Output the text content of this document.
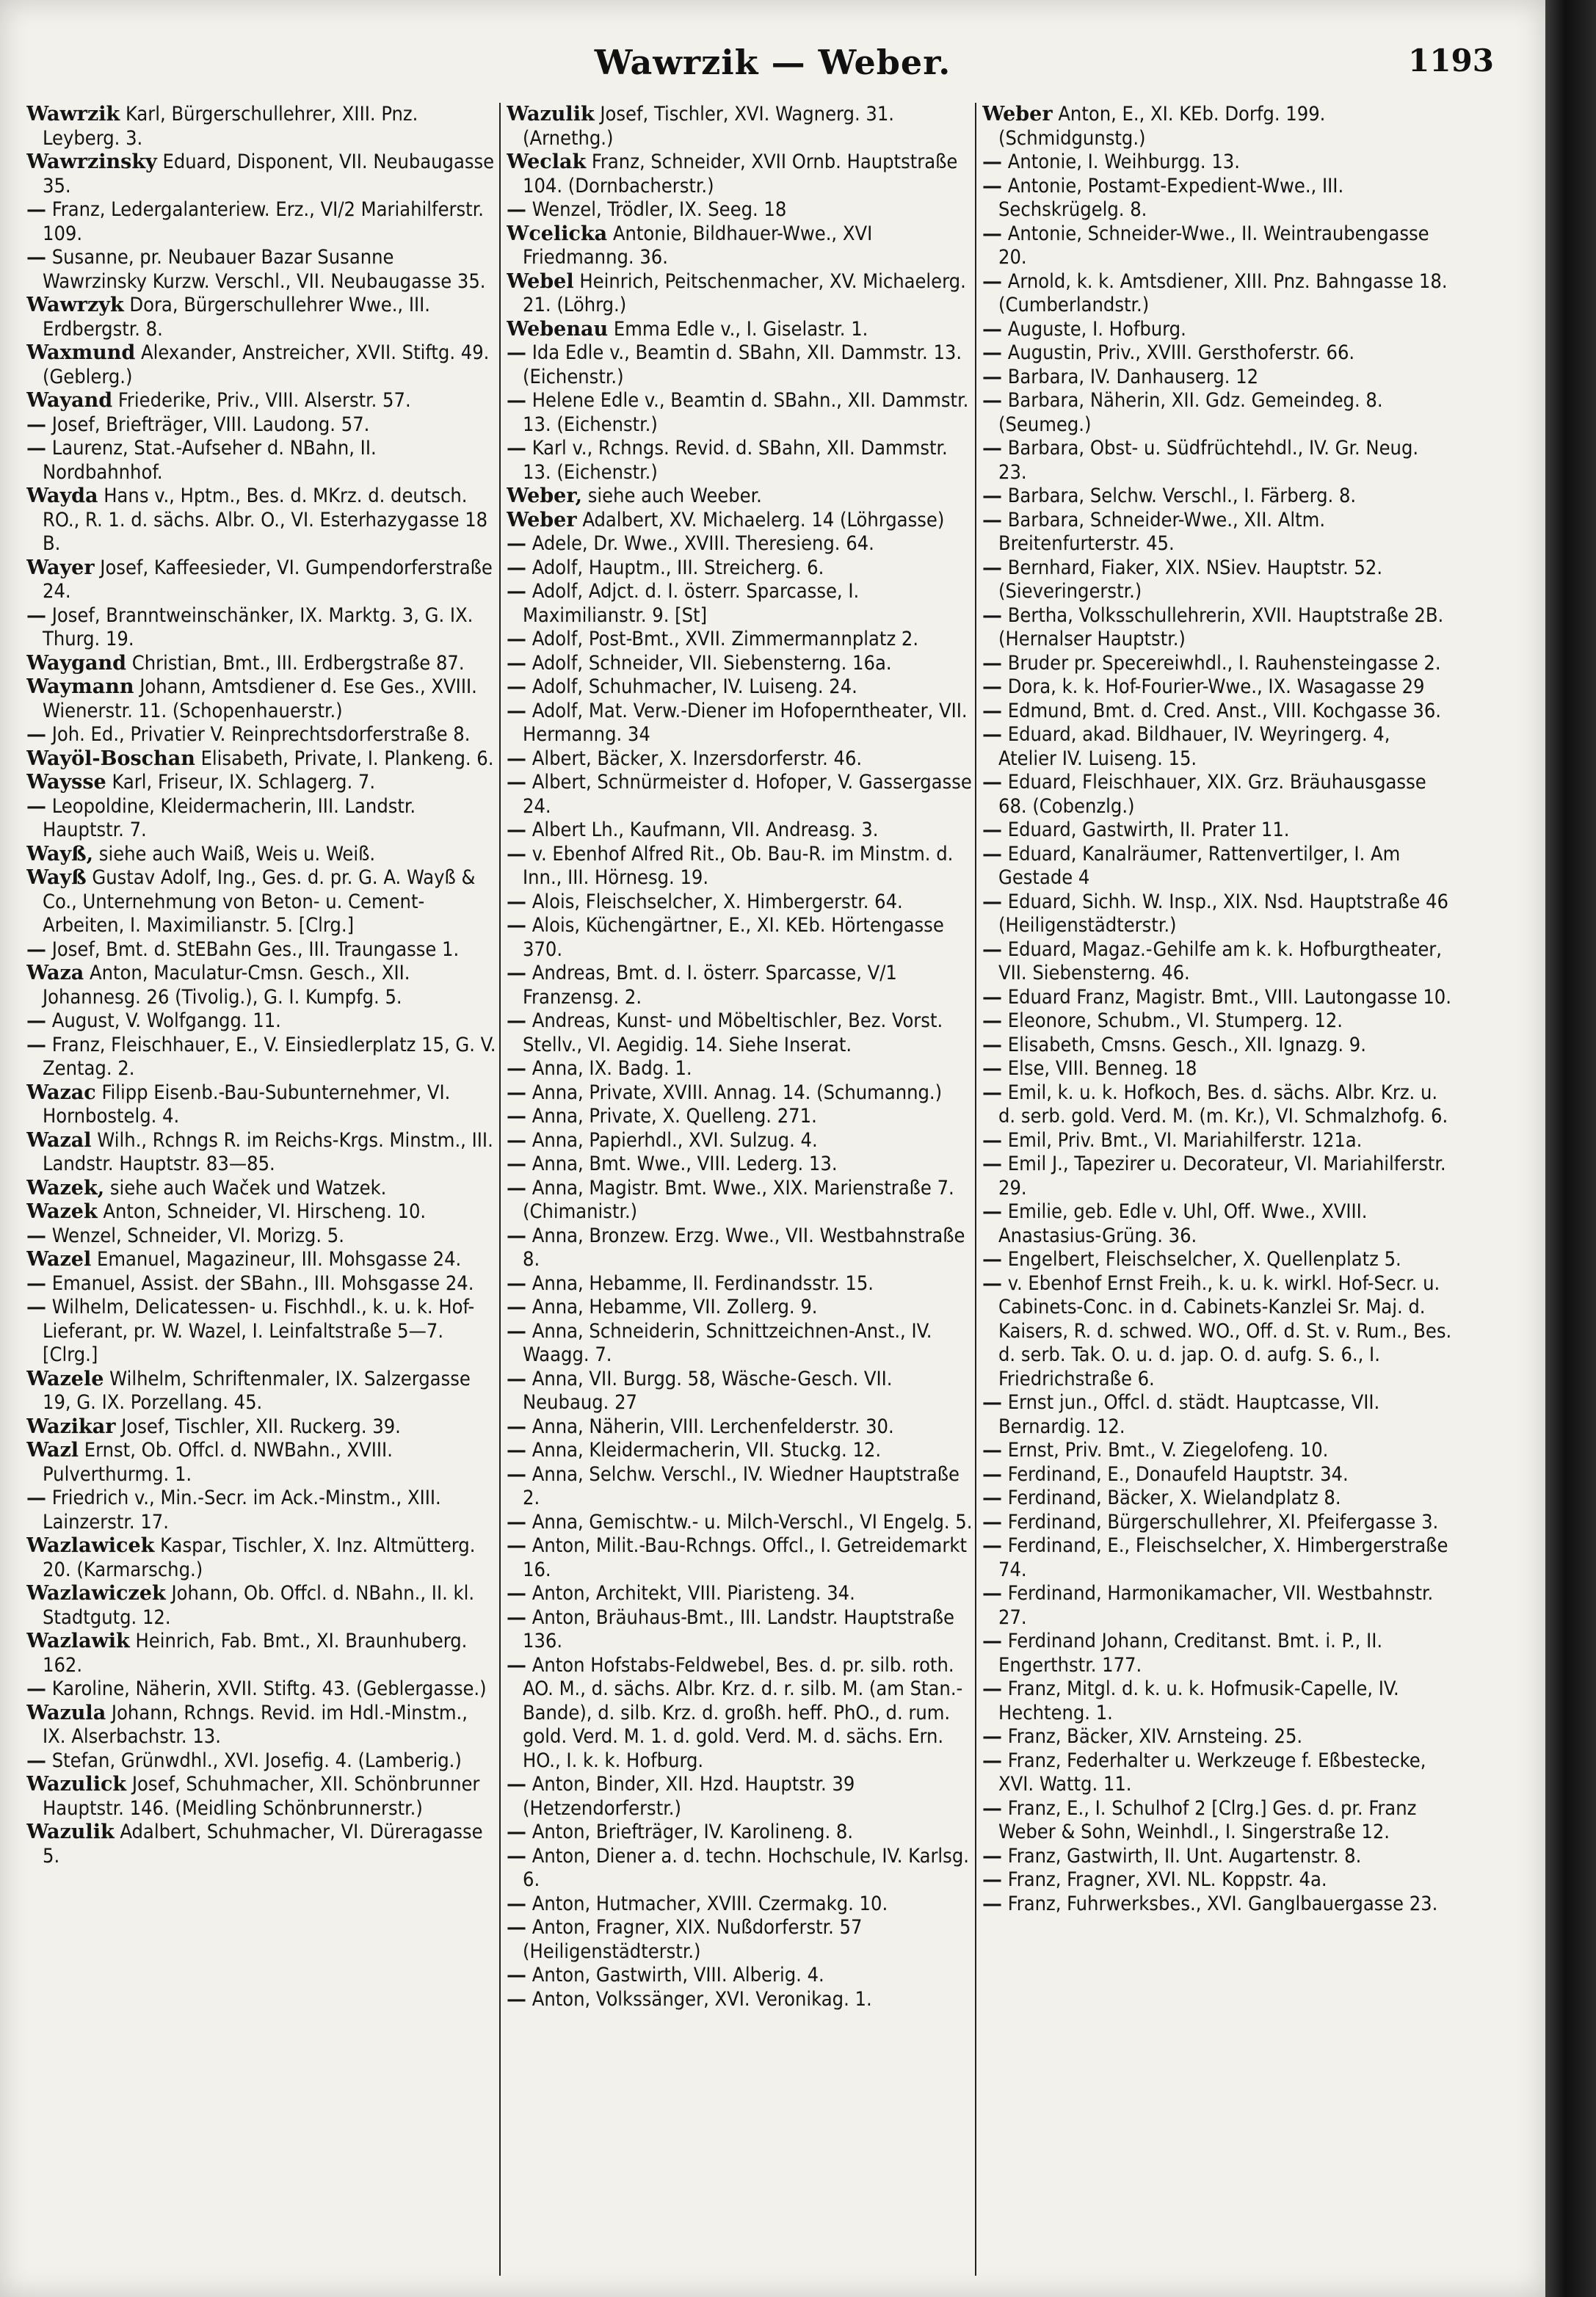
Wawrzik — Weber.	1193
Wawrzik Karl, Bürgerschullehrer, XIII. Pnz. Leyberg. 3.
Wawrzinsky Eduard, Disponent, VII. Neubaugasse 35.
— Franz, Ledergalanteriew. Erz., VI/2 Mariahilferstr. 109.
— Susanne, pr. Neubauer Bazar Susanne Wawrzinsky Kurzw. Verschl., VII. Neubaugasse 35.
Wawrzyk Dora, Bürgerschullehrer Wwe., III. Erdbergstr. 8.
Waxmund Alexander, Anstreicher, XVII. Stiftg. 49. (Geblerg.)
Wayand Friederike, Priv., VIII. Alserstr. 57.
— Josef, Briefträger, VIII. Laudong. 57.
— Laurenz, Stat.-Aufseher d. NBahn, II. Nordbahnhof.
Wayda Hans v., Hptm., Bes. d. MKrz. d. deutsch. RO., R. 1. d. sächs. Albr. O., VI. Esterhazygasse 18 B.
Wayer Josef, Kaffeesieder, VI. Gumpendorferstraße 24.
— Josef, Branntweinschänker, IX. Marktg. 3, G. IX. Thurg. 19.
Waygand Christian, Bmt., III. Erdbergstraße 87.
Waymann Johann, Amtsdiener d. Ese Ges., XVIII. Wienerstr. 11. (Schopenhauerstr.)
— Joh. Ed., Privatier V. Reinprechtsdorferstraße 8.
Wayöl-Boschan Elisabeth, Private, I. Plankeng. 6.
Waysse Karl, Friseur, IX. Schlagerg. 7.
— Leopoldine, Kleidermacherin, III. Landstr. Hauptstr. 7.
Wayß, siehe auch Waiß, Weis u. Weiß.
Wayß Gustav Adolf, Ing., Ges. d. pr. G. A. Wayß & Co., Unternehmung von Beton- u. Cement-Arbeiten, I. Maximilianstr. 5. [Clrg.]
— Josef, Bmt. d. StEBahn Ges., III. Traungasse 1.
Waza Anton, Maculatur-Cmsn. Gesch., XII. Johannesg. 26 (Tivolig.), G. I. Kumpfg. 5.
— August, V. Wolfgangg. 11.
— Franz, Fleischhauer, E., V. Einsiedlerplatz 15, G. V. Zentag. 2.
Wazac Filipp Eisenb.-Bau-Subunternehmer, VI. Hornbostelg. 4.
Wazal Wilh., Rchngs R. im Reichs-Krgs. Minstm., III. Landstr. Hauptstr. 83—85.
Wazek, siehe auch Waček und Watzek.
Wazek Anton, Schneider, VI. Hirscheng. 10.
— Wenzel, Schneider, VI. Morizg. 5.
Wazel Emanuel, Magazineur, III. Mohsgasse 24.
— Emanuel, Assist. der SBahn., III. Mohsgasse 24.
— Wilhelm, Delicatessen- u. Fischhdl., k. u. k. Hof-Lieferant, pr. W. Wazel, I. Leinfaltstraße 5—7. [Clrg.]
Wazele Wilhelm, Schriftenmaler, IX. Salzergasse 19, G. IX. Porzellang. 45.
Wazikar Josef, Tischler, XII. Ruckerg. 39.
Wazl Ernst, Ob. Offcl. d. NWBahn., XVIII. Pulverthurmg. 1.
— Friedrich v., Min.-Secr. im Ack.-Minstm., XIII. Lainzerstr. 17.
Wazlawicek Kaspar, Tischler, X. Inz. Altmütterg. 20. (Karmarschg.)
Wazlawiczek Johann, Ob. Offcl. d. NBahn., II. kl. Stadtgutg. 12.
Wazlawik Heinrich, Fab. Bmt., XI. Braunhuberg. 162.
— Karoline, Näherin, XVII. Stiftg. 43. (Geblergasse.)
Wazula Johann, Rchngs. Revid. im Hdl.-Minstm., IX. Alserbachstr. 13.
— Stefan, Grünwdhl., XVI. Josefig. 4. (Lamberig.)
Wazulick Josef, Schuhmacher, XII. Schönbrunner Hauptstr. 146. (Meidling Schönbrunnerstr.)
Wazulik Adalbert, Schuhmacher, VI. Düreragasse 5.
Wazulik Josef, Tischler, XVI. Wagnerg. 31. (Arnethg.)
Weclak Franz, Schneider, XVII Ornb. Hauptstraße 104. (Dornbacherstr.)
— Wenzel, Trödler, IX. Seeg. 18
Wcelicka Antonie, Bildhauer-Wwe., XVI Friedmanng. 36.
Webel Heinrich, Peitschenmacher, XV. Michaelerg. 21. (Löhrg.)
Webenau Emma Edle v., I. Giselastr. 1.
— Ida Edle v., Beamtin d. SBahn, XII. Dammstr. 13. (Eichenstr.)
— Helene Edle v., Beamtin d. SBahn., XII. Dammstr. 13. (Eichenstr.)
— Karl v., Rchngs. Revid. d. SBahn, XII. Dammstr. 13. (Eichenstr.)
Weber, siehe auch Weeber.
Weber Adalbert, XV. Michaelerg. 14 (Löhrgasse)
— Adele, Dr. Wwe., XVIII. Theresieng. 64.
— Adolf, Hauptm., III. Streicherg. 6.
— Adolf, Adjct. d. I. österr. Sparcasse, I. Maximilianstr. 9. [St]
— Adolf, Post-Bmt., XVII. Zimmermannplatz 2.
— Adolf, Schneider, VII. Siebensterng. 16a.
— Adolf, Schuhmacher, IV. Luiseng. 24.
— Adolf, Mat. Verw.-Diener im Hofoperntheater, VII. Hermanng. 34
— Albert, Bäcker, X. Inzersdorferstr. 46.
— Albert, Schnürmeister d. Hofoper, V. Gassergasse 24.
— Albert Lh., Kaufmann, VII. Andreasg. 3.
— v. Ebenhof Alfred Rit., Ob. Bau-R. im Minstm. d. Inn., III. Hörnesg. 19.
— Alois, Fleischselcher, X. Himbergerstr. 64.
— Alois, Küchengärtner, E., XI. KEb. Hörtengasse 370.
— Andreas, Bmt. d. I. österr. Sparcasse, V/1 Franzensg. 2.
— Andreas, Kunst- und Möbeltischler, Bez. Vorst. Stellv., VI. Aegidig. 14. Siehe Inserat.
— Anna, IX. Badg. 1.
— Anna, Private, XVIII. Annag. 14. (Schumanng.)
— Anna, Private, X. Quelleng. 271.
— Anna, Papierhdl., XVI. Sulzug. 4.
— Anna, Bmt. Wwe., VIII. Lederg. 13.
— Anna, Magistr. Bmt. Wwe., XIX. Marienstraße 7. (Chimanistr.)
— Anna, Bronzew. Erzg. Wwe., VII. Westbahnstraße 8.
— Anna, Hebamme, II. Ferdinandsstr. 15.
— Anna, Hebamme, VII. Zollerg. 9.
— Anna, Schneiderin, Schnittzeichnen-Anst., IV. Waagg. 7.
— Anna, VII. Burgg. 58, Wäsche-Gesch. VII. Neubaug. 27
— Anna, Näherin, VIII. Lerchenfelderstr. 30.
— Anna, Kleidermacherin, VII. Stuckg. 12.
— Anna, Selchw. Verschl., IV. Wiedner Hauptstraße 2.
— Anna, Gemischtw.- u. Milch-Verschl., VI Engelg. 5.
— Anton, Milit.-Bau-Rchngs. Offcl., I. Getreidemarkt 16.
— Anton, Architekt, VIII. Piaristeng. 34.
— Anton, Bräuhaus-Bmt., III. Landstr. Hauptstraße 136.
— Anton Hofstabs-Feldwebel, Bes. d. pr. silb. roth. AO. M., d. sächs. Albr. Krz. d. r. silb. M. (am Stan.-Bande), d. silb. Krz. d. großh. heff. PhO., d. rum. gold. Verd. M. 1. d. gold. Verd. M. d. sächs. Ern. HO., I. k. k. Hofburg.
— Anton, Binder, XII. Hzd. Hauptstr. 39 (Hetzendorferstr.)
— Anton, Briefträger, IV. Karolineng. 8.
— Anton, Diener a. d. techn. Hochschule, IV. Karlsg. 6.
— Anton, Hutmacher, XVIII. Czermakg. 10.
— Anton, Fragner, XIX. Nußdorferstr. 57 (Heiligenstädterstr.)
— Anton, Gastwirth, VIII. Alberig. 4.
— Anton, Volkssänger, XVI. Veronikag. 1.
Weber Anton, E., XI. KEb. Dorfg. 199. (Schmidgunstg.)
— Antonie, I. Weihburgg. 13.
— Antonie, Postamt-Expedient-Wwe., III. Sechskrügelg. 8.
— Antonie, Schneider-Wwe., II. Weintraubengasse 20.
— Arnold, k. k. Amtsdiener, XIII. Pnz. Bahngasse 18. (Cumberlandstr.)
— Auguste, I. Hofburg.
— Augustin, Priv., XVIII. Gersthoferstr. 66.
— Barbara, IV. Danhauserg. 12
— Barbara, Näherin, XII. Gdz. Gemeindeg. 8. (Seumeg.)
— Barbara, Obst- u. Südfrüchtehdl., IV. Gr. Neug. 23.
— Barbara, Selchw. Verschl., I. Färberg. 8.
— Barbara, Schneider-Wwe., XII. Altm. Breitenfurterstr. 45.
— Bernhard, Fiaker, XIX. NSiev. Hauptstr. 52. (Sieveringerstr.)
— Bertha, Volksschullehrerin, XVII. Hauptstraße 2B. (Hernalser Hauptstr.)
— Bruder pr. Specereiwhdl., I. Rauhensteingasse 2.
— Dora, k. k. Hof-Fourier-Wwe., IX. Wasagasse 29
— Edmund, Bmt. d. Cred. Anst., VIII. Kochgasse 36.
— Eduard, akad. Bildhauer, IV. Weyringerg. 4, Atelier IV. Luiseng. 15.
— Eduard, Fleischhauer, XIX. Grz. Bräuhausgasse 68. (Cobenzlg.)
— Eduard, Gastwirth, II. Prater 11.
— Eduard, Kanalräumer, Rattenvertilger, I. Am Gestade 4
— Eduard, Sichh. W. Insp., XIX. Nsd. Hauptstraße 46 (Heiligenstädterstr.)
— Eduard, Magaz.-Gehilfe am k. k. Hofburgtheater, VII. Siebensterng. 46.
— Eduard Franz, Magistr. Bmt., VIII. Lautongasse 10.
— Eleonore, Schubm., VI. Stumperg. 12.
— Elisabeth, Cmsns. Gesch., XII. Ignazg. 9.
— Else, VIII. Benneg. 18
— Emil, k. u. k. Hofkoch, Bes. d. sächs. Albr. Krz. u. d. serb. gold. Verd. M. (m. Kr.), VI. Schmalzhofg. 6.
— Emil, Priv. Bmt., VI. Mariahilferstr. 121a.
— Emil J., Tapezirer u. Decorateur, VI. Mariahilferstr. 29.
— Emilie, geb. Edle v. Uhl, Off. Wwe., XVIII. Anastasius-Grüng. 36.
— Engelbert, Fleischselcher, X. Quellenplatz 5.
— v. Ebenhof Ernst Freih., k. u. k. wirkl. Hof-Secr. u. Cabinets-Conc. in d. Cabinets-Kanzlei Sr. Maj. d. Kaisers, R. d. schwed. WO., Off. d. St. v. Rum., Bes. d. serb. Tak. O. u. d. jap. O. d. aufg. S. 6., I. Friedrichstraße 6.
— Ernst jun., Offcl. d. städt. Hauptcasse, VII. Bernardig. 12.
— Ernst, Priv. Bmt., V. Ziegelofeng. 10.
— Ferdinand, E., Donaufeld Hauptstr. 34.
— Ferdinand, Bäcker, X. Wielandplatz 8.
— Ferdinand, Bürgerschullehrer, XI. Pfeifergasse 3.
— Ferdinand, E., Fleischselcher, X. Himbergerstraße 74.
— Ferdinand, Harmonikamacher, VII. Westbahnstr. 27.
— Ferdinand Johann, Creditanst. Bmt. i. P., II. Engerthstr. 177.
— Franz, Mitgl. d. k. u. k. Hofmusik-Capelle, IV. Hechteng. 1.
— Franz, Bäcker, XIV. Arnsteing. 25.
— Franz, Federhalter u. Werkzeuge f. Eßbestecke, XVI. Wattg. 11.
— Franz, E., I. Schulhof 2 [Clrg.] Ges. d. pr. Franz Weber & Sohn, Weinhdl., I. Singerstraße 12.
— Franz, Gastwirth, II. Unt. Augartenstr. 8.
— Franz, Fragner, XVI. NL. Koppstr. 4a.
— Franz, Fuhrwerksbes., XVI. Ganglbauergasse 23.
